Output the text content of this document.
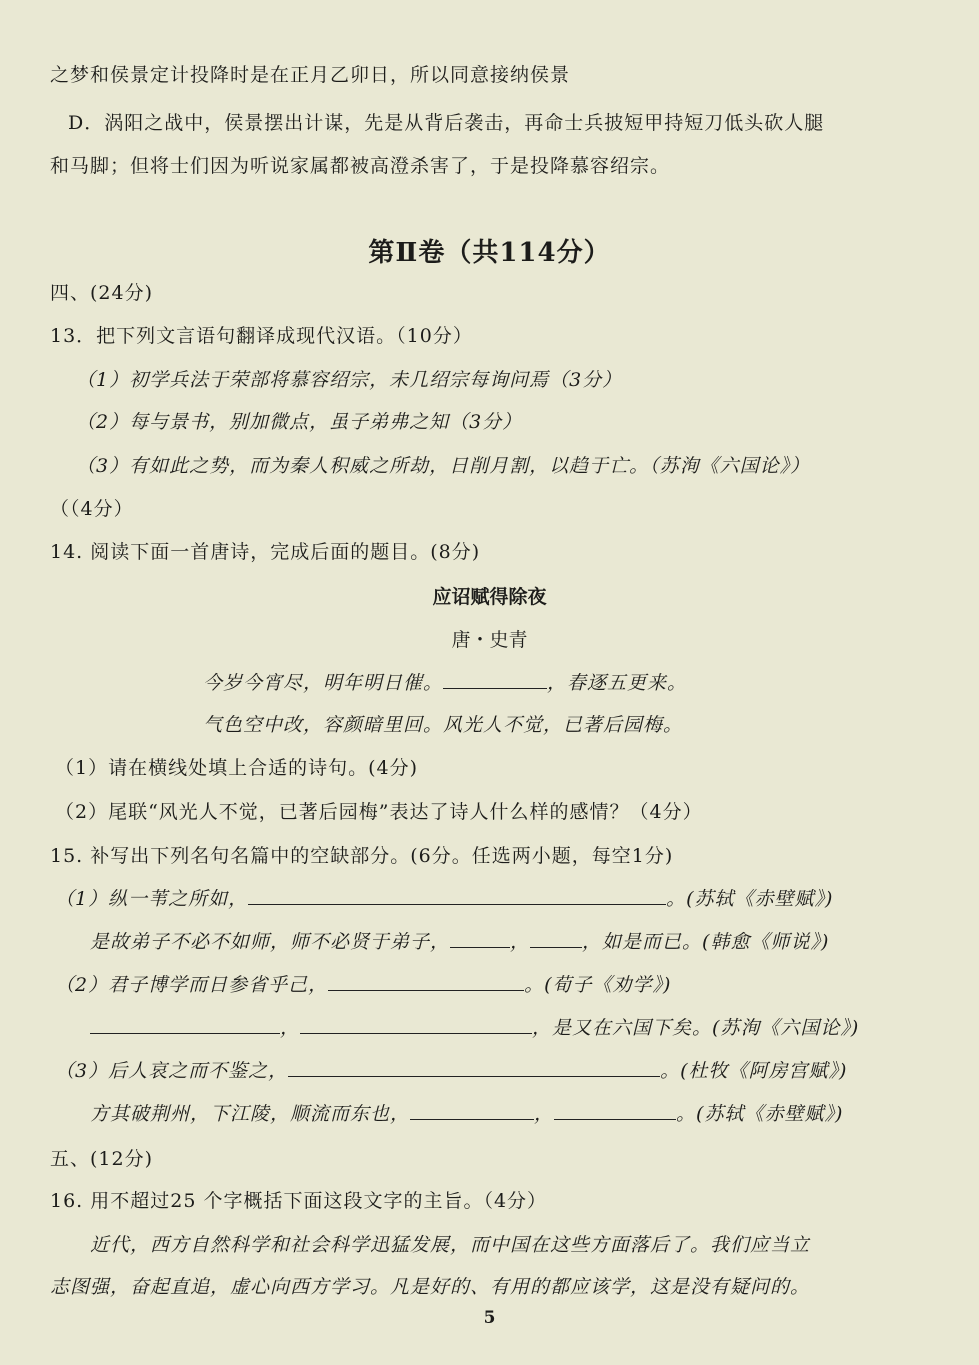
之梦和侯景定计投降时是在正月乙卯日，所以同意接纳侯景
D．涡阳之战中，侯景摆出计谋，先是从背后袭击，再命士兵披短甲持短刀低头砍人腿
和马脚；但将士们因为听说家属都被高澄杀害了，于是投降慕容绍宗。
第Ⅱ卷（共114分）
四、(24分)
13．把下列文言语句翻译成现代汉语。（10分）
（1）初学兵法于荣部将慕容绍宗，未几绍宗每询问焉（3分）
（2）每与景书，别加微点，虽子弟弗之知（3分）
（3）有如此之势，而为秦人积威之所劫，日削月割，以趋于亡。（苏洵《六国论》）
（（4分）
14. 阅读下面一首唐诗，完成后面的题目。(8分)
应诏赋得除夜
唐・史青
今岁今宵尽，明年明日催。	，春逐五更来。
气色空中改，容颜暗里回。风光人不觉，已著后园梅。
（1）请在横线处填上合适的诗句。(4分)
（2）尾联“风光人不觉，已著后园梅”表达了诗人什么样的感情？（4分）
15. 补写出下列名句名篇中的空缺部分。(6分。任选两小题，每空1分)
（1）纵一苇之所如，	。(苏轼《赤壁赋》)
是故弟子不必不如师，师不必贤于弟子，	，	，如是而已。(韩愈《师说》)
（2）君子博学而日参省乎己，	。(荀子《劝学》)
，	，是又在六国下矣。(苏洵《六国论》)
（3）后人哀之而不鉴之，	。(杜牧《阿房宫赋》)
方其破荆州，下江陵，顺流而东也，	，	。(苏轼《赤壁赋》)
五、(12分)
16. 用不超过25 个字概括下面这段文字的主旨。（4分）
近代，西方自然科学和社会科学迅猛发展，而中国在这些方面落后了。我们应当立
志图强，奋起直追，虚心向西方学习。凡是好的、有用的都应该学，这是没有疑问的。
5
